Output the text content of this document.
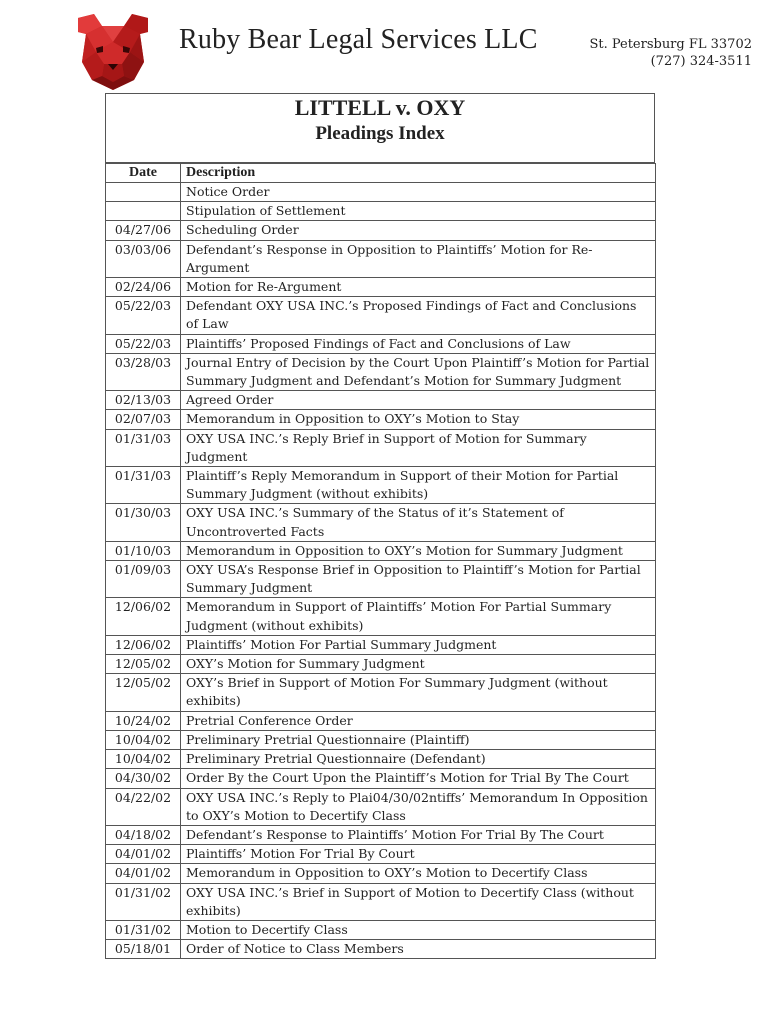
Ruby Bear Legal Services LLC	St. Petersburg FL 33702
(727) 324-3511
LITTELL v. OXY
Pleadings Index
Date	Description
	Notice Order
	Stipulation of Settlement
04/27/06	Scheduling Order
03/03/06	Defendant’s Response in Opposition to Plaintiffs’ Motion for Re-Argument
02/24/06	Motion for Re-Argument
05/22/03	Defendant OXY USA INC.’s Proposed Findings of Fact and Conclusions of Law
05/22/03	Plaintiffs’ Proposed Findings of Fact and Conclusions of Law
03/28/03	Journal Entry of Decision by the Court Upon Plaintiff’s Motion for Partial Summary Judgment and Defendant’s Motion for Summary Judgment
02/13/03	Agreed Order
02/07/03	Memorandum in Opposition to OXY’s Motion to Stay
01/31/03	OXY USA INC.’s Reply Brief in Support of Motion for Summary Judgment
01/31/03	Plaintiff’s Reply Memorandum in Support of their Motion for Partial Summary Judgment (without exhibits)
01/30/03	OXY USA INC.’s Summary of the Status of it’s Statement of Uncontroverted Facts
01/10/03	Memorandum in Opposition to OXY’s Motion for Summary Judgment
01/09/03	OXY USA’s Response Brief in Opposition to Plaintiff’s Motion for Partial Summary Judgment
12/06/02	Memorandum in Support of Plaintiffs’ Motion For Partial Summary Judgment (without exhibits)
12/06/02	Plaintiffs’ Motion For Partial Summary Judgment
12/05/02	OXY’s Motion for Summary Judgment
12/05/02	OXY’s Brief in Support of Motion For Summary Judgment (without exhibits)
10/24/02	Pretrial Conference Order
10/04/02	Preliminary Pretrial Questionnaire (Plaintiff)
10/04/02	Preliminary Pretrial Questionnaire (Defendant)
04/30/02	Order By the Court Upon the Plaintiff’s Motion for Trial By The Court
04/22/02	OXY USA INC.’s Reply to Plai04/30/02ntiffs’ Memorandum In Opposition to OXY’s Motion to Decertify Class
04/18/02	Defendant’s Response to Plaintiffs’ Motion For Trial By The Court
04/01/02	Plaintiffs’ Motion For Trial By Court
04/01/02	Memorandum in Opposition to OXY’s Motion to Decertify Class
01/31/02	OXY USA INC.’s Brief in Support of Motion to Decertify Class (without exhibits)
01/31/02	Motion to Decertify Class
05/18/01	Order of Notice to Class Members
